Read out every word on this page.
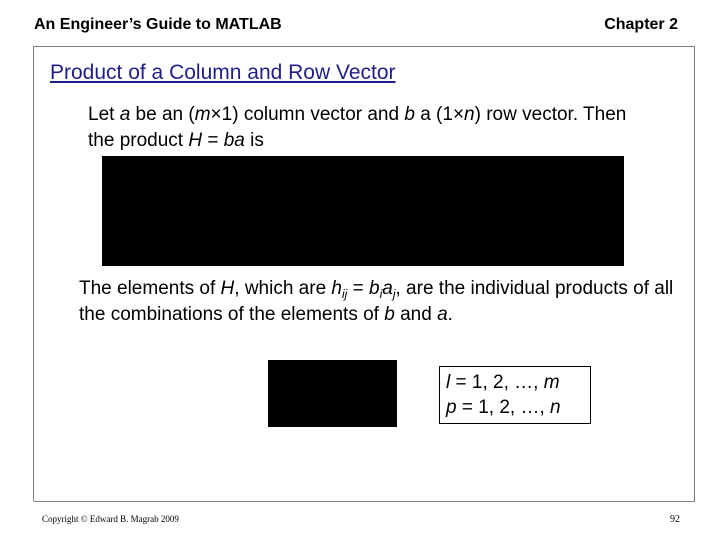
An Engineer’s Guide to MATLAB	Chapter 2
Product of a Column and Row Vector
Let a be an (m×1) column vector and b a (1×n) row vector. Then the product H = ba is
The elements of H, which are $h_{ij} = b_ia_j$, are the individual products of all the combinations of the elements of b and a.
l = 1, 2, …, m
p = 1, 2, …, n
Copyright © Edward B. Magrab 2009	92
